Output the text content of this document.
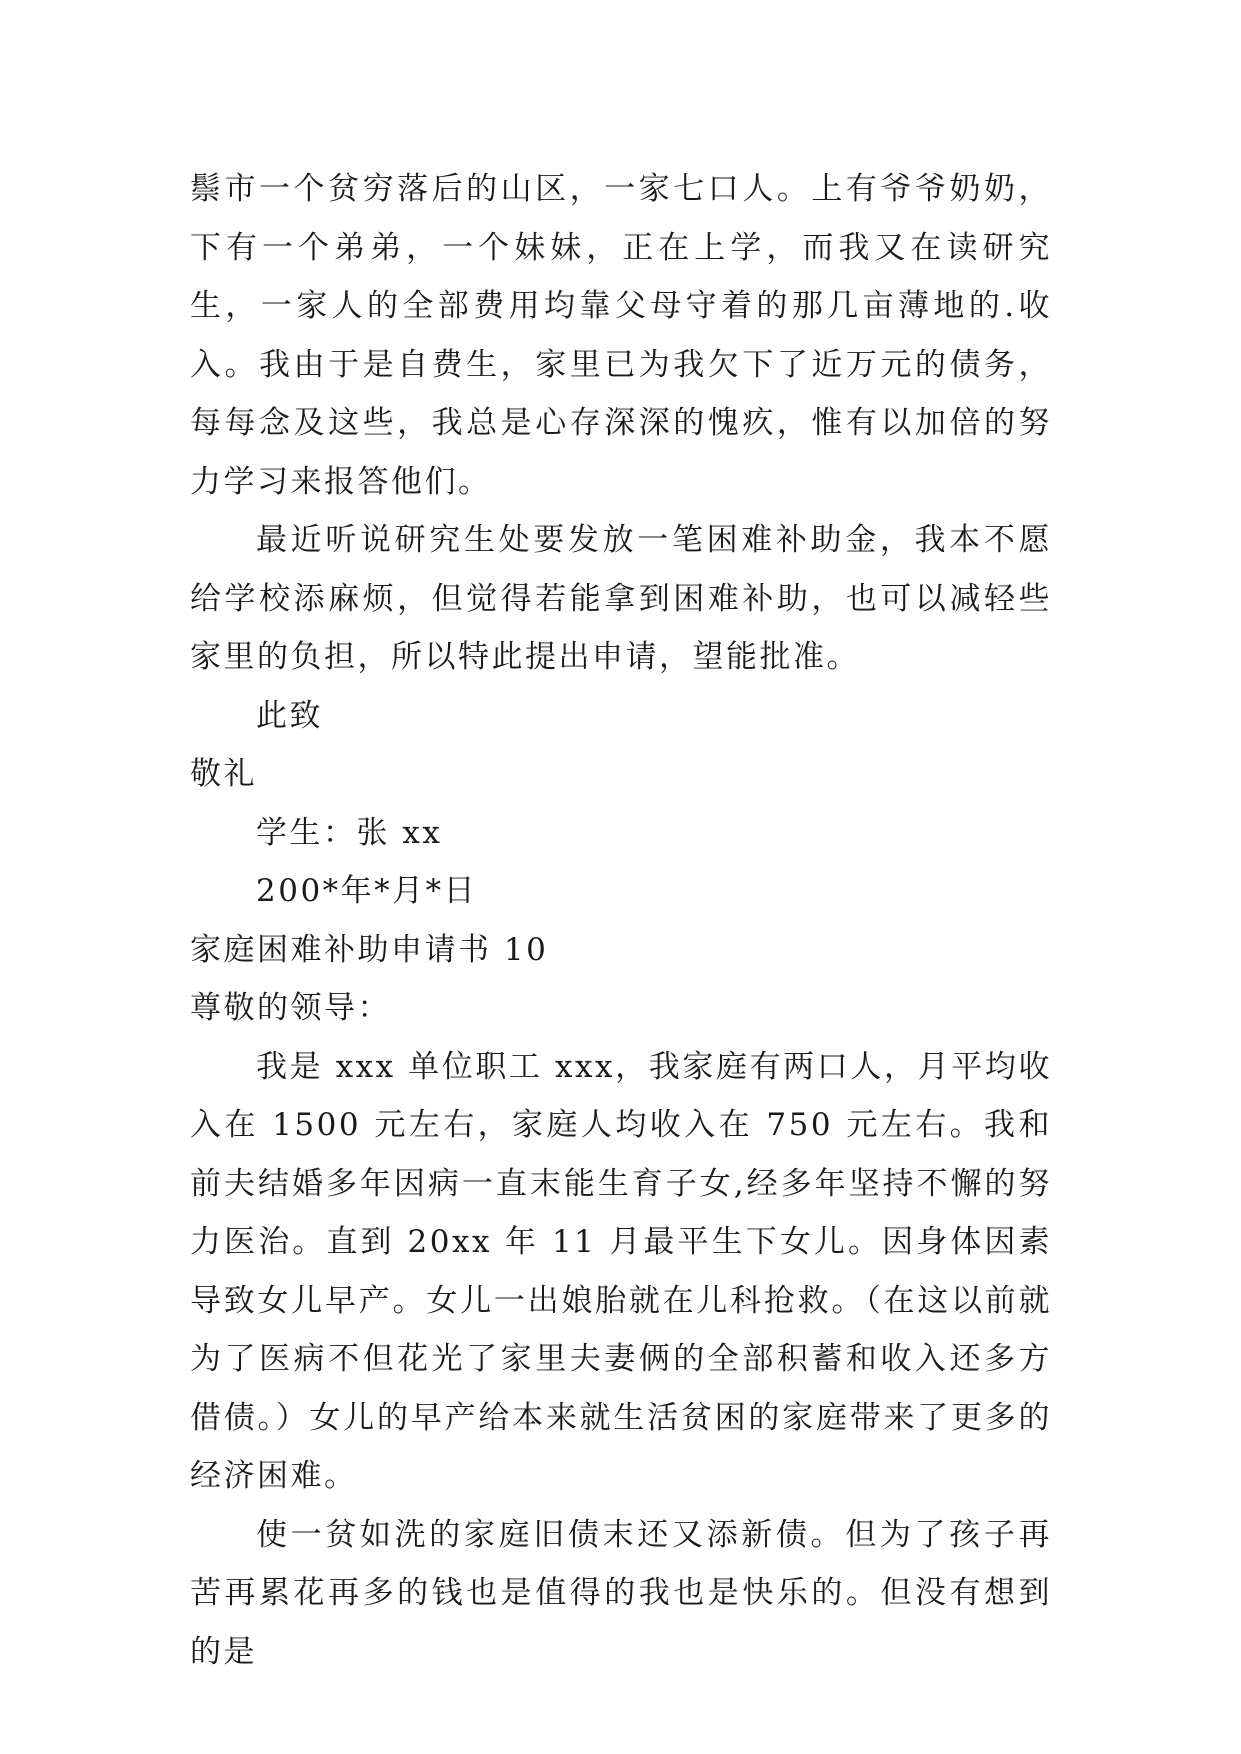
鬃市一个贫穷落后的山区，一家七口人。上有爷爷奶奶，下有一个弟弟，一个妹妹，正在上学，而我又在读研究生，一家人的全部费用均靠父母守着的那几亩薄地的.收入。我由于是自费生，家里已为我欠下了近万元的债务，每每念及这些，我总是心存深深的愧疚，惟有以加倍的努力学习来报答他们。

最近听说研究生处要发放一笔困难补助金，我本不愿给学校添麻烦，但觉得若能拿到困难补助，也可以减轻些家里的负担，所以特此提出申请，望能批准。

此致

敬礼

学生：张 xx

200*年*月*日

家庭困难补助申请书 10

尊敬的领导：

我是 xxx 单位职工 xxx，我家庭有两口人，月平均收入在 1500 元左右，家庭人均收入在 750 元左右。我和前夫结婚多年因病一直末能生育子女,经多年坚持不懈的努力医治。直到 20xx 年 11 月最平生下女儿。因身体因素导致女儿早产。女儿一出娘胎就在儿科抢救。（在这以前就为了医病不但花光了家里夫妻俩的全部积蓄和收入还多方借债。）女儿的早产给本来就生活贫困的家庭带来了更多的经济困难。

使一贫如洗的家庭旧债末还又添新债。但为了孩子再苦再累花再多的钱也是值得的我也是快乐的。但没有想到的是
